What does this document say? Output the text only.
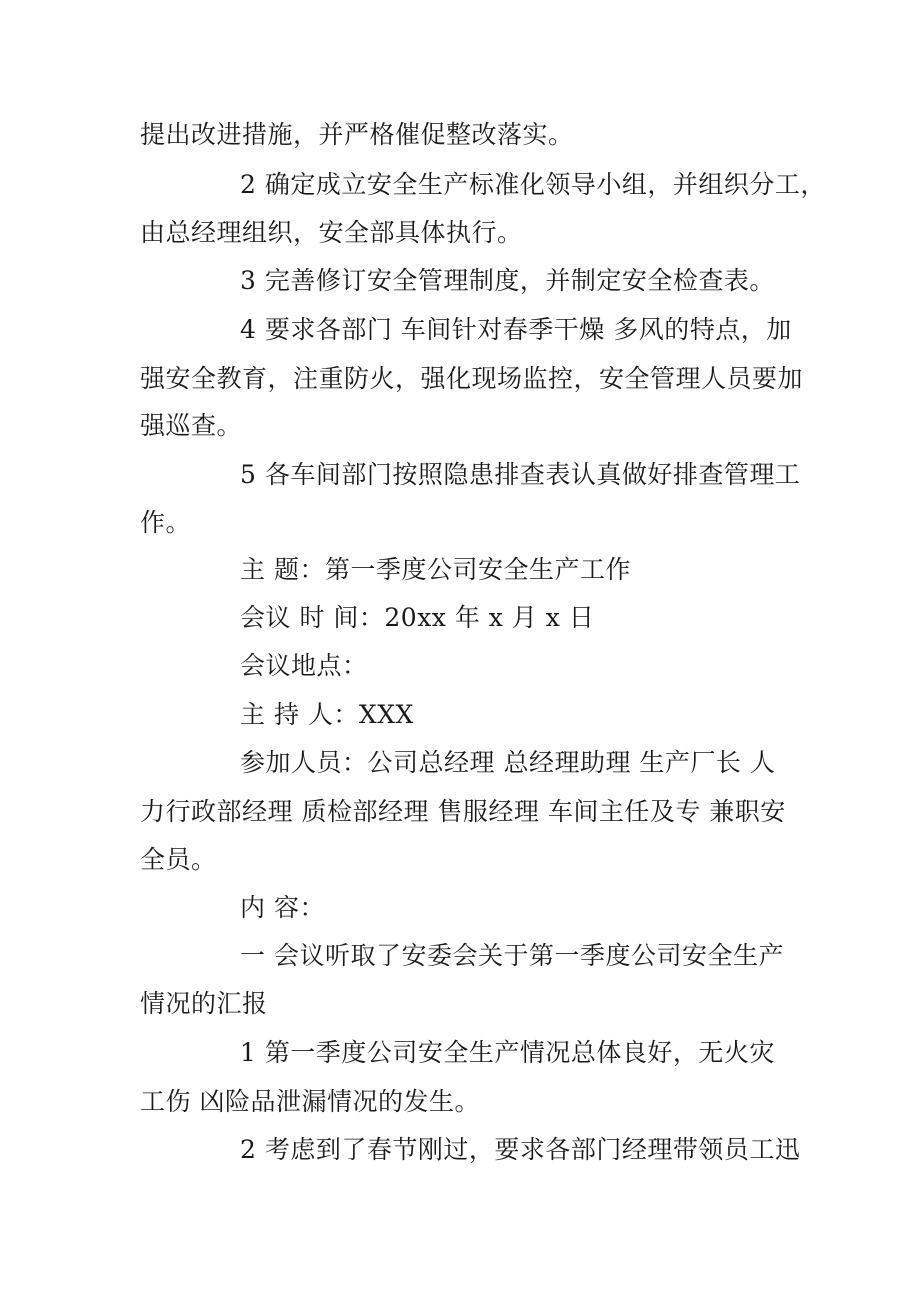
提出改进措施，并严格催促整改落实。
2 确定成立安全生产标准化领导小组，并组织分工，
由总经理组织，安全部具体执行。
3 完善修订安全管理制度，并制定安全检查表。
4 要求各部门 车间针对春季干燥 多风的特点，加
强安全教育，注重防火，强化现场监控，安全管理人员要加
强巡查。
5 各车间部门按照隐患排查表认真做好排查管理工
作。
主 题：第一季度公司安全生产工作
会议 时 间：20xx 年 x 月 x 日
会议地点：
主 持 人：XXX
参加人员：公司总经理 总经理助理 生产厂长 人
力行政部经理 质检部经理 售服经理 车间主任及专 兼职安
全员。
内 容：
一 会议听取了安委会关于第一季度公司安全生产
情况的汇报
1 第一季度公司安全生产情况总体良好，无火灾
工伤 凶险品泄漏情况的发生。
2 考虑到了春节刚过，要求各部门经理带领员工迅
